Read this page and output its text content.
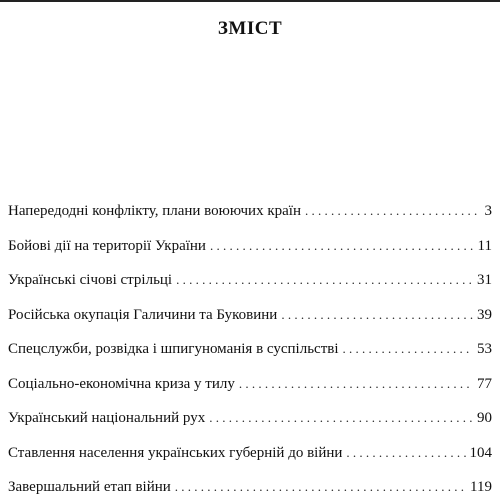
ЗМІСТ
Напередодні конфлікту, плани воюючих країн . . .	3
Бойові дії на території України . . .	11
Українські січові стрільці . . .	31
Російська окупація Галичини та Буковини . . .	39
Спецслужби, розвідка і шпигуноманія в суспільстві . . .	53
Соціально-економічна криза у тилу . . .	77
Український національний рух . . .	90
Ставлення населення українських губерній до війни . . .	104
Завершальний етап війни . . .	119
